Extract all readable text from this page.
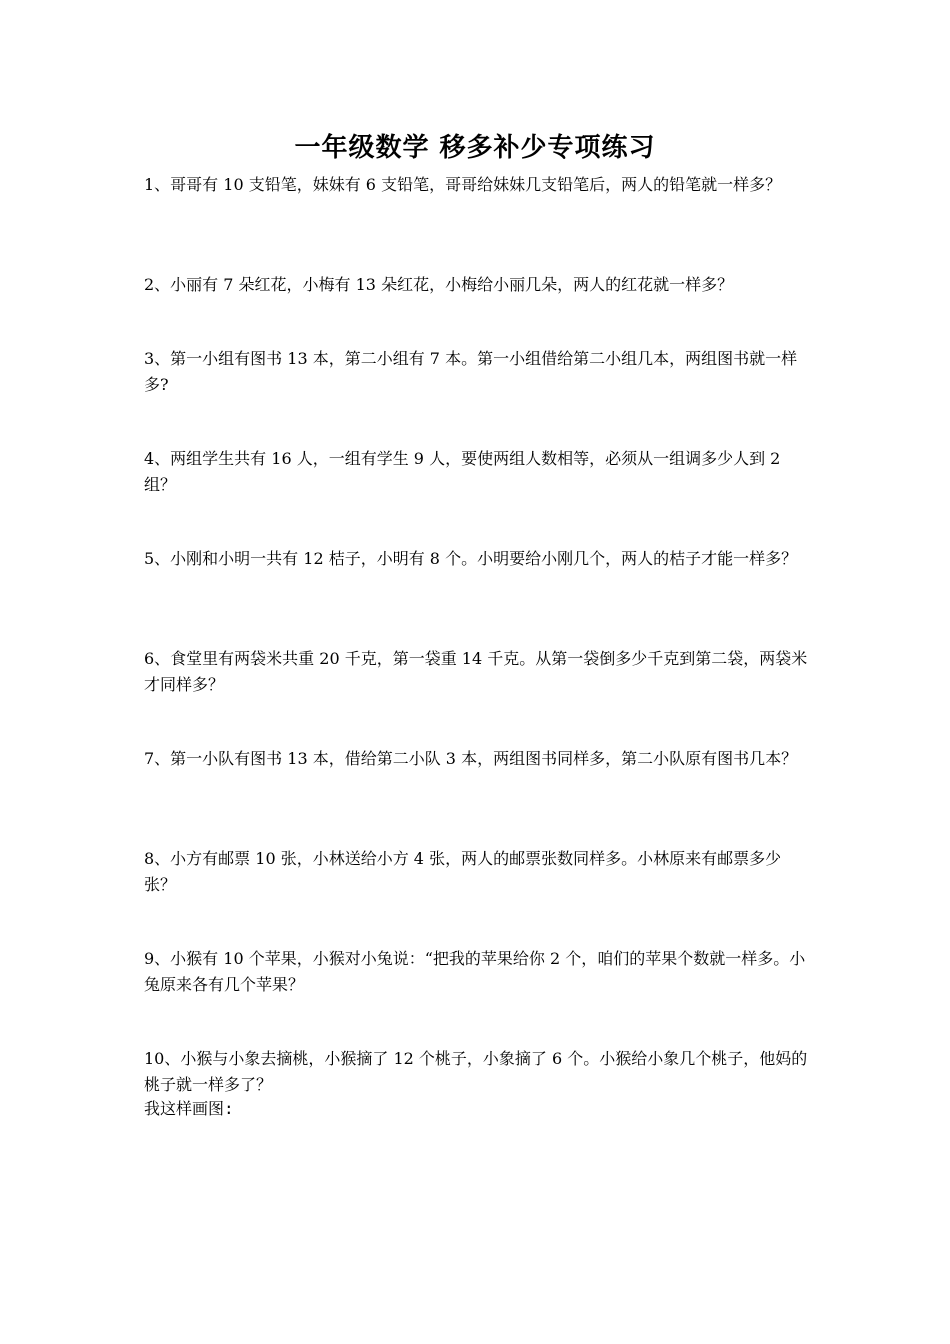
一年级数学 移多补少专项练习

1、哥哥有 10 支铅笔，妹妹有 6 支铅笔，哥哥给妹妹几支铅笔后，两人的铅笔就一样多？

2、小丽有 7 朵红花，小梅有 13 朵红花，小梅给小丽几朵，两人的红花就一样多？

3、第一小组有图书 13 本，第二小组有 7 本。第一小组借给第二小组几本，两组图书就一样多?

4、两组学生共有 16 人，一组有学生 9 人，要使两组人数相等，必须从一组调多少人到 2 组？

5、小刚和小明一共有 12 桔子，小明有 8 个。小明要给小刚几个，两人的桔子才能一样多？

6、食堂里有两袋米共重 20 千克，第一袋重 14 千克。从第一袋倒多少千克到第二袋，两袋米才同样多？

7、第一小队有图书 13 本，借给第二小队 3 本，两组图书同样多，第二小队原有图书几本？

8、小方有邮票 10 张，小林送给小方 4 张，两人的邮票张数同样多。小林原来有邮票多少张？

9、小猴有 10 个苹果，小猴对小兔说：“把我的苹果给你 2 个，咱们的苹果个数就一样多。小兔原来各有几个苹果？

10、小猴与小象去摘桃，小猴摘了 12 个桃子，小象摘了 6 个。小猴给小象几个桃子，他妈的桃子就一样多了？

我这样画图:
